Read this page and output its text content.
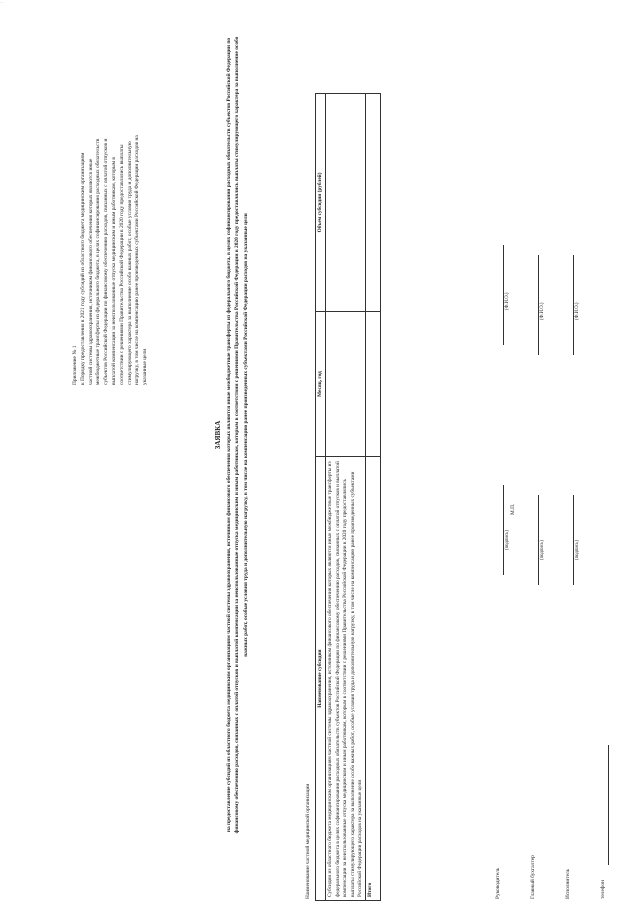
···
Приложение № 1 к Порядку предоставления в 2021 году субсидий из областного бюджета медицинским организациям частной системы здравоохранения, источником финансового обеспечения которых являются иные межбюджетные трансферты из федерального бюджета, в целях софинансирования расходных обязательств субъектов Российской Федерации по финансовому обеспечению расходов, связанных с оплатой отпусков и выплатой компенсации за неиспользованные отпуска медицинским и иным работникам, которым в соответствии с решениями Правительства Российской Федерации в 2020 году предоставлялись выплаты стимулирующего характера за выполнение особо важных работ, особые условия труда и дополнительную нагрузку, в том числе на компенсацию ранее произведенных субъектами Российской Федерации расходов на указанные цели
ЗАЯВКА на предоставление субсидий из областного бюджета медицинским организациям частной системы здравоохранения, источником финансового обеспечения которых являются иные межбюджетные трансферты из федерального бюджета, в целях софинансирования расходных обязательств субъектов Российской Федерации по финансовому обеспечению расходов, связанных с оплатой отпусков и выплатой компенсации за неиспользованные отпуска медицинским и иным работникам, которым в соответствии с решениями Правительства Российской Федерации в 2020 году предоставлялись выплаты стимулирующего характера за выполнение особо важных работ, особые условия труда и дополнительную нагрузку, в том числе на компенсацию ранее произведенных субъектами Российской Федерации расходов на указанные цели
Наименование частной медицинской организации
Наименование субсидии	Месяц, год	Объем субсидии (рублей)
Субсидии из областного бюджета медицинским организациям частной системы здравоохранения, источником финансового обеспечения которых являются иные межбюджетные трансферты из федерального бюджета в целях софинансирования расходных обязательств субъектов Российской Федерации по финансовому обеспечению расходов, связанных с оплатой отпусков и выплатой компенсации за неиспользованные отпуска медицинским и иным работникам, которым в соответствии с решениями Правительства Российской Федерации в 2020 году предоставлялись выплаты стимулирующего характера за выполнение особо важных работ, особые условия труда и дополнительную нагрузку, в том числе на компенсацию ранее произведенных субъектами Российской Федерации расходов на указанные цели		
Итого			Руководитель
(подпись)
(Ф.И.О.)
М.П.
Главный бухгалтер
(подпись)
(Ф.И.О.)
Исполнитель
(подпись)
(Ф.И.О.)
телефон
